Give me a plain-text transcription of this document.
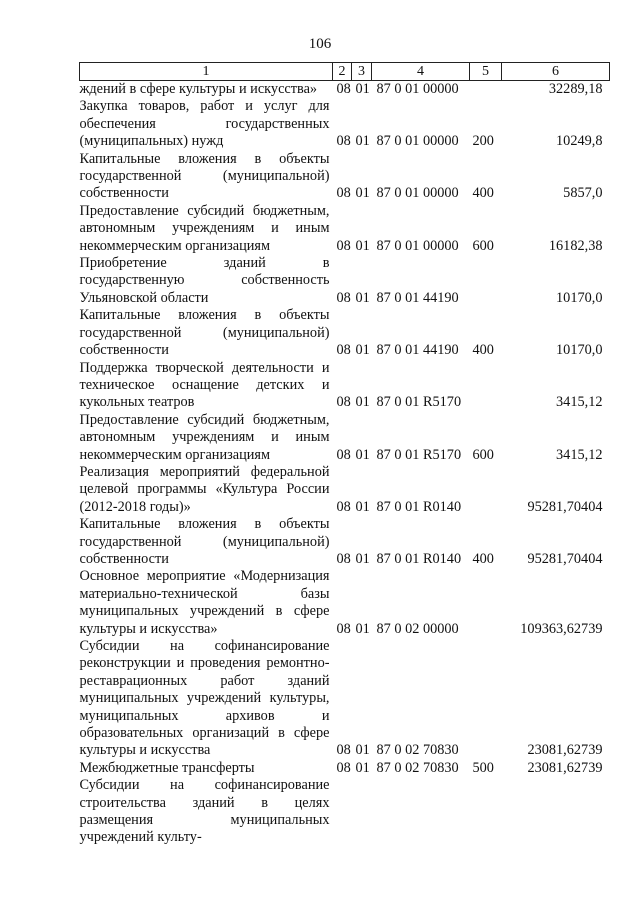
106
1	2	3	4	5	6
ждений в сфере культуры и искусства»	08	01	87 0 01 00000		32289,18
Закупка товаров, работ и услуг для обеспечения государственных (муниципальных) нужд	08	01	87 0 01 00000	200	10249,8
Капитальные вложения в объекты государственной (муниципальной) собственности	08	01	87 0 01 00000	400	5857,0
Предоставление субсидий бюджетным, автономным учреждениям и иным некоммерческим организациям	08	01	87 0 01 00000	600	16182,38
Приобретение зданий в государственную собственность Ульяновской области	08	01	87 0 01 44190		10170,0
Капитальные вложения в объекты государственной (муниципальной) собственности	08	01	87 0 01 44190	400	10170,0
Поддержка творческой деятельности и техническое оснащение детских и кукольных театров	08	01	87 0 01 R5170		3415,12
Предоставление субсидий бюджетным, автономным учреждениям и иным некоммерческим организациям	08	01	87 0 01 R5170	600	3415,12
Реализация мероприятий федеральной целевой программы «Культура России (2012-2018 годы)»	08	01	87 0 01 R0140		95281,70404
Капитальные вложения в объекты государственной (муниципальной) собственности	08	01	87 0 01 R0140	400	95281,70404
Основное мероприятие «Модернизация материально-технической базы муниципальных учреждений в сфере культуры и искусства»	08	01	87 0 02 00000		109363,62739
Субсидии на софинансирование реконструкции и проведения ремонтно-реставрационных работ зданий муниципальных учреждений культуры, муниципальных архивов и образовательных организаций в сфере культуры и искусства	08	01	87 0 02 70830		23081,62739
Межбюджетные трансферты	08	01	87 0 02 70830	500	23081,62739
Субсидии на софинансирование строительства зданий в целях размещения муниципальных учреждений культу-					
